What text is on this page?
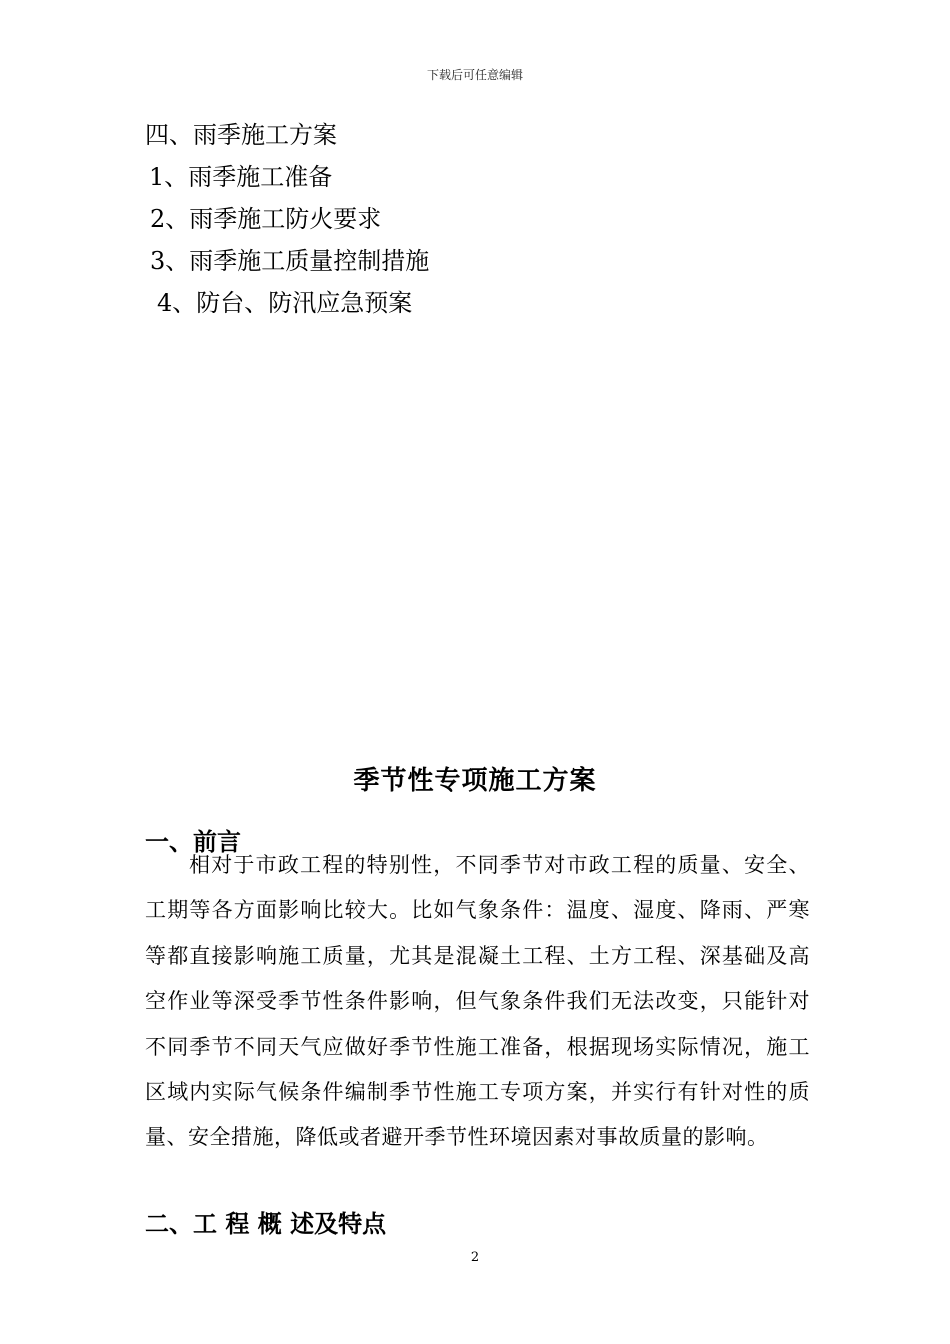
下载后可任意编辑
四、雨季施工方案
1、雨季施工准备
2、雨季施工防火要求
3、雨季施工质量控制措施
4、防台、防汛应急预案
季节性专项施工方案
一、前言
相对于市政工程的特别性，不同季节对市政工程的质量、安全、工期等各方面影响比较大。比如气象条件：温度、湿度、降雨、严寒等都直接影响施工质量，尤其是混凝土工程、土方工程、深基础及高空作业等深受季节性条件影响，但气象条件我们无法改变，只能针对不同季节不同天气应做好季节性施工准备，根据现场实际情况，施工区域内实际气候条件编制季节性施工专项方案，并实行有针对性的质量、安全措施，降低或者避开季节性环境因素对事故质量的影响。
二、工 程 概 述及特点
2
